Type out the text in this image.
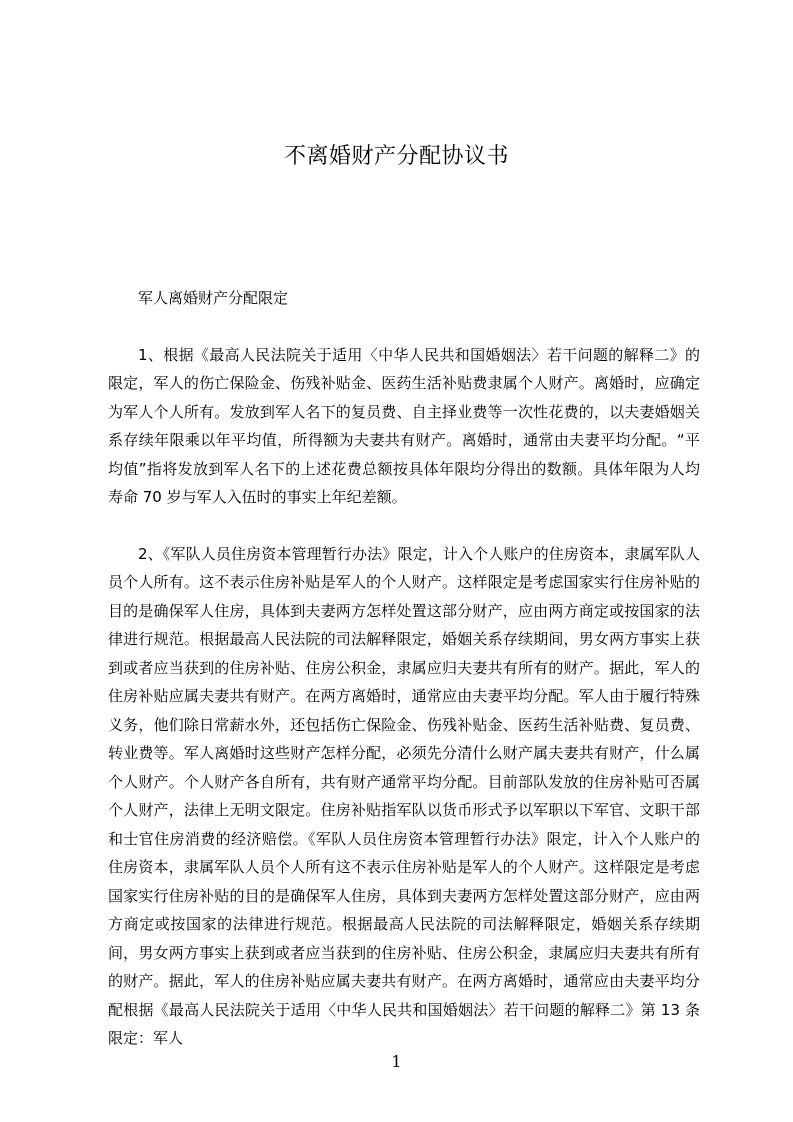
不离婚财产分配协议书

军人离婚财产分配限定

1、根据《最高人民法院关于适用〈中华人民共和国婚姻法〉若干问题的解释二》的限定，军人的伤亡保险金、伤残补贴金、医药生活补贴费隶属个人财产。离婚时，应确定为军人个人所有。发放到军人名下的复员费、自主择业费等一次性花费的，以夫妻婚姻关系存续年限乘以年平均值，所得额为夫妻共有财产。离婚时，通常由夫妻平均分配。“平均值”指将发放到军人名下的上述花费总额按具体年限均分得出的数额。具体年限为人均寿命 70 岁与军人入伍时的事实上年纪差额。

2、《军队人员住房资本管理暂行办法》限定，计入个人账户的住房资本，隶属军队人员个人所有。这不表示住房补贴是军人的个人财产。这样限定是考虑国家实行住房补贴的目的是确保军人住房，具体到夫妻两方怎样处置这部分财产，应由两方商定或按国家的法律进行规范。根据最高人民法院的司法解释限定，婚姻关系存续期间，男女两方事实上获到或者应当获到的住房补贴、住房公积金，隶属应归夫妻共有所有的财产。据此，军人的住房补贴应属夫妻共有财产。在两方离婚时，通常应由夫妻平均分配。军人由于履行特殊义务，他们除日常薪水外，还包括伤亡保险金、伤残补贴金、医药生活补贴费、复员费、转业费等。军人离婚时这些财产怎样分配，必须先分清什么财产属夫妻共有财产，什么属个人财产。个人财产各自所有，共有财产通常平均分配。目前部队发放的住房补贴可否属个人财产，法律上无明文限定。住房补贴指军队以货币形式予以军职以下军官、文职干部和士官住房消费的经济赔偿。《军队人员住房资本管理暂行办法》限定，计入个人账户的住房资本，隶属军队人员个人所有这不表示住房补贴是军人的个人财产。这样限定是考虑国家实行住房补贴的目的是确保军人住房，具体到夫妻两方怎样处置这部分财产，应由两方商定或按国家的法律进行规范。根据最高人民法院的司法解释限定，婚姻关系存续期间，男女两方事实上获到或者应当获到的住房补贴、住房公积金，隶属应归夫妻共有所有的财产。据此，军人的住房补贴应属夫妻共有财产。在两方离婚时，通常应由夫妻平均分配根据《最高人民法院关于适用〈中华人民共和国婚姻法〉若干问题的解释二》第 13 条限定：军人

1
